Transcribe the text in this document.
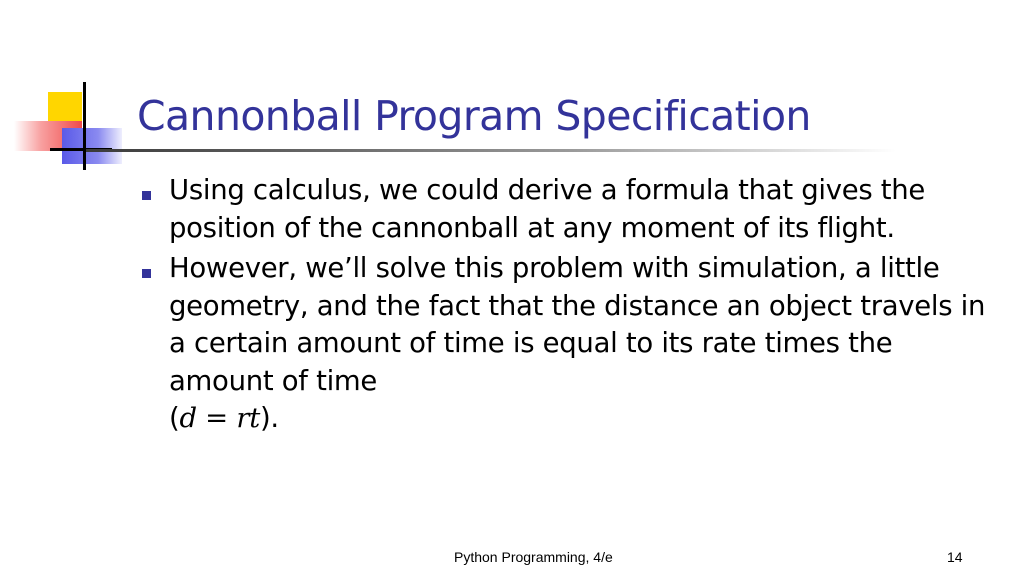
Cannonball Program Specification
Using calculus, we could derive a formula that gives the position of the cannonball at any moment of its flight.
However, we’ll solve this problem with simulation, a little geometry, and the fact that the distance an object travels in a certain amount of time is equal to its rate times the amount of time
(d = rt).
Python Programming, 4/e	14
